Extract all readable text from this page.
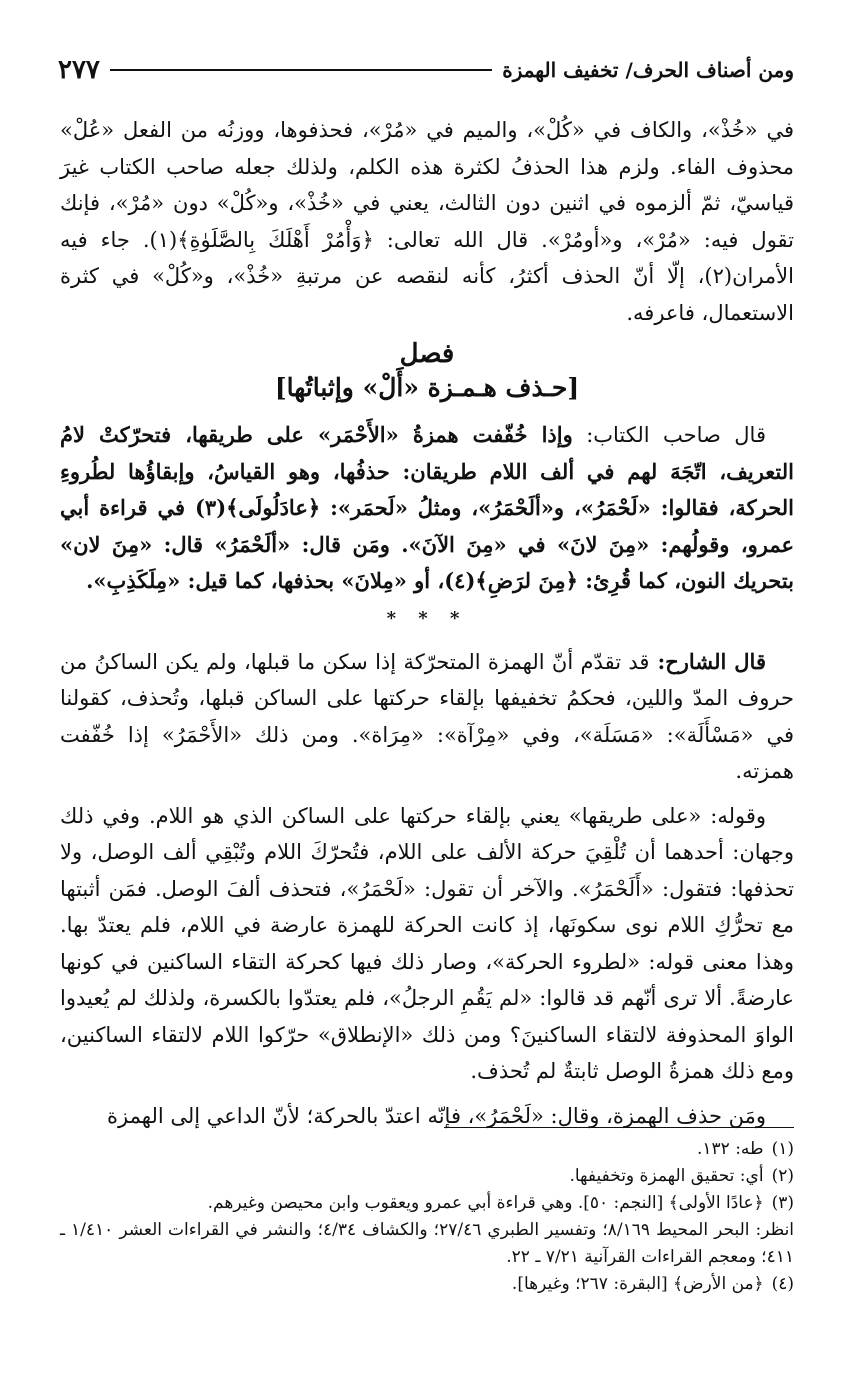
ومن أصناف الحرف/ تخفيف الهمزة
٢٧٧

في «خُذْ»، والكاف في «كُلْ»، والميم في «مُرْ»، فحذفوها، ووزنُه من الفعل «عُلْ» محذوف الفاء. ولزم هذا الحذفُ لكثرة هذه الكلم، ولذلك جعله صاحب الكتاب غيرَ قياسيّ، ثمّ ألزموه في اثنين دون الثالث، يعني في «خُذْ»، و«كُلْ» دون «مُرْ»، فإنك تقول فيه: «مُرْ»، و«أومُرْ». قال الله تعالى: ﴿وَأْمُرْ أَهْلَكَ بِالصَّلَوٰةِ﴾(١). جاء فيه الأمران(٢)، إلّا أنّ الحذف أكثرُ، كأنه لنقصه عن مرتبةِ «خُذْ»، و«كُلْ» في كثرة الاستعمال، فاعرفه.

فصل
[حـذف هـمـزة «أَلْ» وإثباتُها]

قال صاحب الكتاب: وإذا خُفّفت همزةُ «الأَحْمَر» على طريقها، فتحرّكتْ لامُ التعريف، اتّجَهَ لهم في ألف اللام طريقان: حذفُها، وهو القياسُ، وإبقاؤُها لطُروءِ الحركة، فقالوا: «لَحْمَرُ»، و«ألَحْمَرُ»، ومثلُ «لَحمَر»: ﴿عادَلُولَى﴾(٣) في قراءة أبي عمرو، وقولُهم: «مِنَ لانَ» في «مِنَ الآنَ». ومَن قال: «ألَحْمَرُ» قال: «مِنَ لان» بتحريك النون، كما قُرِئ: ﴿مِنَ لرَضِ﴾(٤)، أو «مِلانَ» بحذفها، كما قيل: «مِلَكَذِبِ».

* * *

قال الشارح: قد تقدّم أنّ الهمزة المتحرّكة إذا سكن ما قبلها، ولم يكن الساكنُ من حروف المدّ واللين، فحكمُ تخفيفها بإلقاء حركتها على الساكن قبلها، وتُحذف، كقولنا في «مَسْأَلَة»: «مَسَلَة»، وفي «مِرْآة»: «مِرَاة». ومن ذلك «الأَحْمَرُ» إذا خُفّفت همزته.

وقوله: «على طريقها» يعني بإلقاء حركتها على الساكن الذي هو اللام. وفي ذلك وجهان: أحدهما أن تُلْقِيَ حركة الألف على اللام، فتُحرّكَ اللام وتُبْقِي ألف الوصل، ولا تحذفها: فتقول: «أَلَحْمَرُ». والآخر أن تقول: «لَحْمَرُ»، فتحذف ألفَ الوصل. فمَن أثبتها مع تحرُّكِ اللام نوى سكونَها، إذ كانت الحركة للهمزة عارضة في اللام، فلم يعتدّ بها. وهذا معنى قوله: «لطروء الحركة»، وصار ذلك فيها كحركة التقاء الساكنين في كونها عارضةً. ألا ترى أنّهم قد قالوا: «لم يَقُمِ الرجلُ»، فلم يعتدّوا بالكسرة، ولذلك لم يُعيدوا الواوَ المحذوفة لالتقاء الساكنينَ؟ ومن ذلك «الإنطلاق» حرّكوا اللام لالتقاء الساكنين، ومع ذلك همزةُ الوصل ثابتةٌ لم تُحذف.

ومَن حذف الهمزة، وقال: «لَحْمَرُ»، فإنّه اعتدّ بالحركة؛ لأنّ الداعي إلى الهمزة

(١)
طه: ١٣٢.
(٢)
أي: تحقيق الهمزة وتخفيفها.
(٣)
﴿عادًا الأولى﴾ [النجم: ٥٠]. وهي قراءة أبي عمرو ويعقوب وابن محيصن وغيرهم.
انظر: البحر المحيط ٨/١٦٩؛ وتفسير الطبري ٢٧/٤٦؛ والكشاف ٤/٣٤؛ والنشر في القراءات العشر ١/٤١٠ ـ ٤١١؛ ومعجم القراءات القرآنية ٧/٢١ ـ ٢٢.
(٤)
﴿من الأرض﴾ [البقرة: ٢٦٧؛ وغيرها].
